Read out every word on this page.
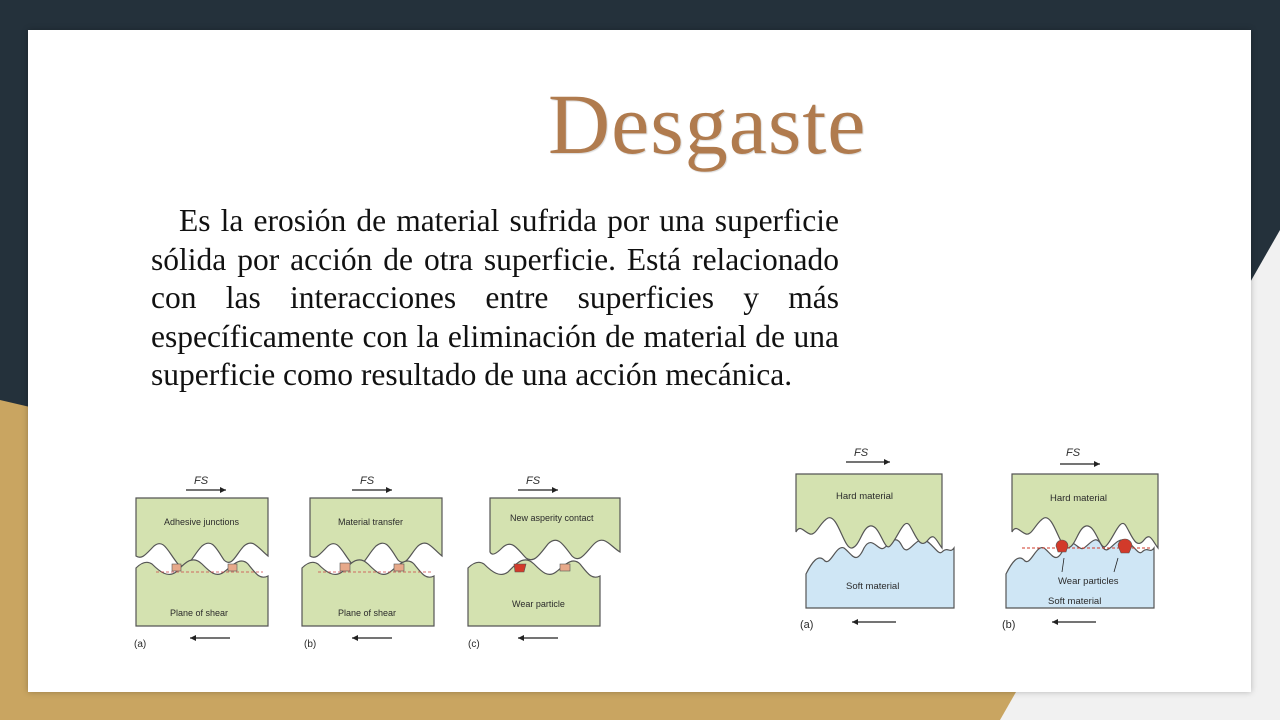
Desgaste
Es la erosión de material sufrida por una superficie sólida por acción de otra superficie. Está relacionado con las interacciones entre superficies y más específicamente con la eliminación de material de una superficie como resultado de una acción mecánica.
FS
Adhesive junctions
Plane of shear
(a)
FS
Material transfer
Plane of shear
(b)
FS
New asperity contact
Wear particle
(c)
FS
Hard material
Soft material
(a)
FS
Hard material
Wear particles
Soft material
(b)
